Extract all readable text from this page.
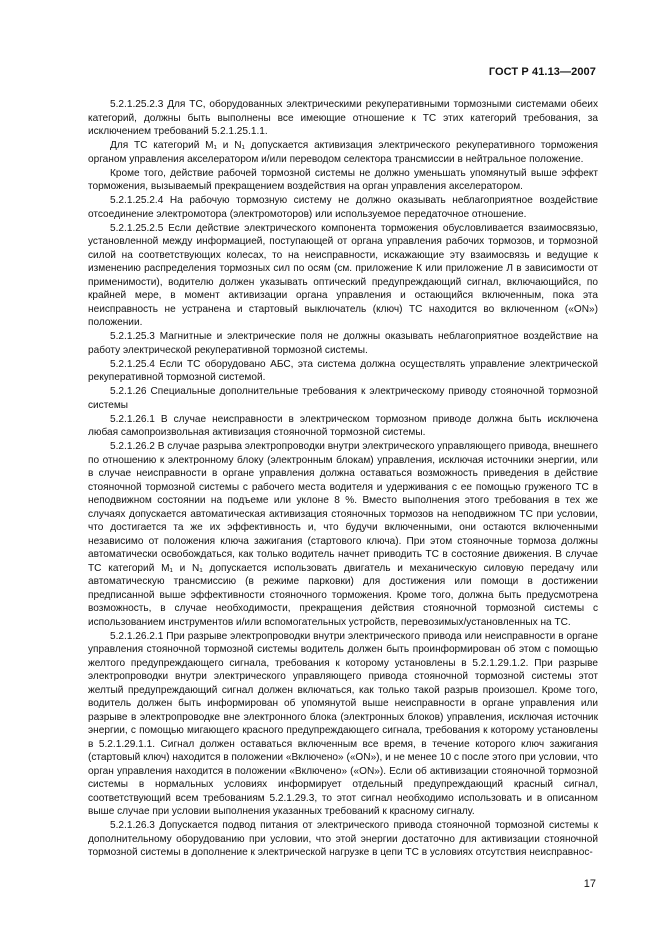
ГОСТ Р 41.13—2007

5.2.1.25.2.3 Для ТС, оборудованных электрическими рекуперативными тормозными системами обеих категорий, должны быть выполнены все имеющие отношение к ТС этих категорий требования, за исключением требований 5.2.1.25.1.1.

Для ТС категорий M₁ и N₁ допускается активизация электрического рекуперативного торможения органом управления акселератором и/или переводом селектора трансмиссии в нейтральное положение.

Кроме того, действие рабочей тормозной системы не должно уменьшать упомянутый выше эффект торможения, вызываемый прекращением воздействия на орган управления акселератором.

5.2.1.25.2.4 На рабочую тормозную систему не должно оказывать неблагоприятное воздействие отсоединение электромотора (электромоторов) или используемое передаточное отношение.

5.2.1.25.2.5 Если действие электрического компонента торможения обусловливается взаимосвязью, установленной между информацией, поступающей от органа управления рабочих тормозов, и тормозной силой на соответствующих колесах, то на неисправности, искажающие эту взаимосвязь и ведущие к изменению распределения тормозных сил по осям (см. приложение К или приложение Л в зависимости от применимости), водителю должен указывать оптический предупреждающий сигнал, включающийся, по крайней мере, в момент активизации органа управления и остающийся включенным, пока эта неисправность не устранена и стартовый выключатель (ключ) ТС находится во включенном («ON») положении.

5.2.1.25.3 Магнитные и электрические поля не должны оказывать неблагоприятное воздействие на работу электрической рекуперативной тормозной системы.

5.2.1.25.4 Если ТС оборудовано АБС, эта система должна осуществлять управление электрической рекуперативной тормозной системой.

5.2.1.26 Специальные дополнительные требования к электрическому приводу стояночной тормозной системы

5.2.1.26.1 В случае неисправности в электрическом тормозном приводе должна быть исключена любая самопроизвольная активизация стояночной тормозной системы.

5.2.1.26.2 В случае разрыва электропроводки внутри электрического управляющего привода, внешнего по отношению к электронному блоку (электронным блокам) управления, исключая источники энергии, или в случае неисправности в органе управления должна оставаться возможность приведения в действие стояночной тормозной системы с рабочего места водителя и удерживания с ее помощью груженого ТС в неподвижном состоянии на подъеме или уклоне 8 %. Вместо выполнения этого требования в тех же случаях допускается автоматическая активизация стояночных тормозов на неподвижном ТС при условии, что достигается та же их эффективность и, что будучи включенными, они остаются включенными независимо от положения ключа зажигания (стартового ключа). При этом стояночные тормоза должны автоматически освобождаться, как только водитель начнет приводить ТС в состояние движения. В случае ТС категорий M₁ и N₁ допускается использовать двигатель и механическую силовую передачу или автоматическую трансмиссию (в режиме парковки) для достижения или помощи в достижении предписанной выше эффективности стояночного торможения. Кроме того, должна быть предусмотрена возможность, в случае необходимости, прекращения действия стояночной тормозной системы с использованием инструментов и/или вспомогательных устройств, перевозимых/установленных на ТС.

5.2.1.26.2.1 При разрыве электропроводки внутри электрического привода или неисправности в органе управления стояночной тормозной системы водитель должен быть проинформирован об этом с помощью желтого предупреждающего сигнала, требования к которому установлены в 5.2.1.29.1.2. При разрыве электропроводки внутри электрического управляющего привода стояночной тормозной системы этот желтый предупреждающий сигнал должен включаться, как только такой разрыв произошел. Кроме того, водитель должен быть информирован об упомянутой выше неисправности в органе управления или разрыве в электропроводке вне электронного блока (электронных блоков) управления, исключая источник энергии, с помощью мигающего красного предупреждающего сигнала, требования к которому установлены в 5.2.1.29.1.1. Сигнал должен оставаться включенным все время, в течение которого ключ зажигания (стартовый ключ) находится в положении «Включено» («ON»), и не менее 10 с после этого при условии, что орган управления находится в положении «Включено» («ON»). Если об активизации стояночной тормозной системы в нормальных условиях информирует отдельный предупреждающий красный сигнал, соответствующий всем требованиям 5.2.1.29.3, то этот сигнал необходимо использовать и в описанном выше случае при условии выполнения указанных требований к красному сигналу.

5.2.1.26.3 Допускается подвод питания от электрического привода стояночной тормозной системы к дополнительному оборудованию при условии, что этой энергии достаточно для активизации стояночной тормозной системы в дополнение к электрической нагрузке в цепи ТС в условиях отсутствия неисправнос-

17
